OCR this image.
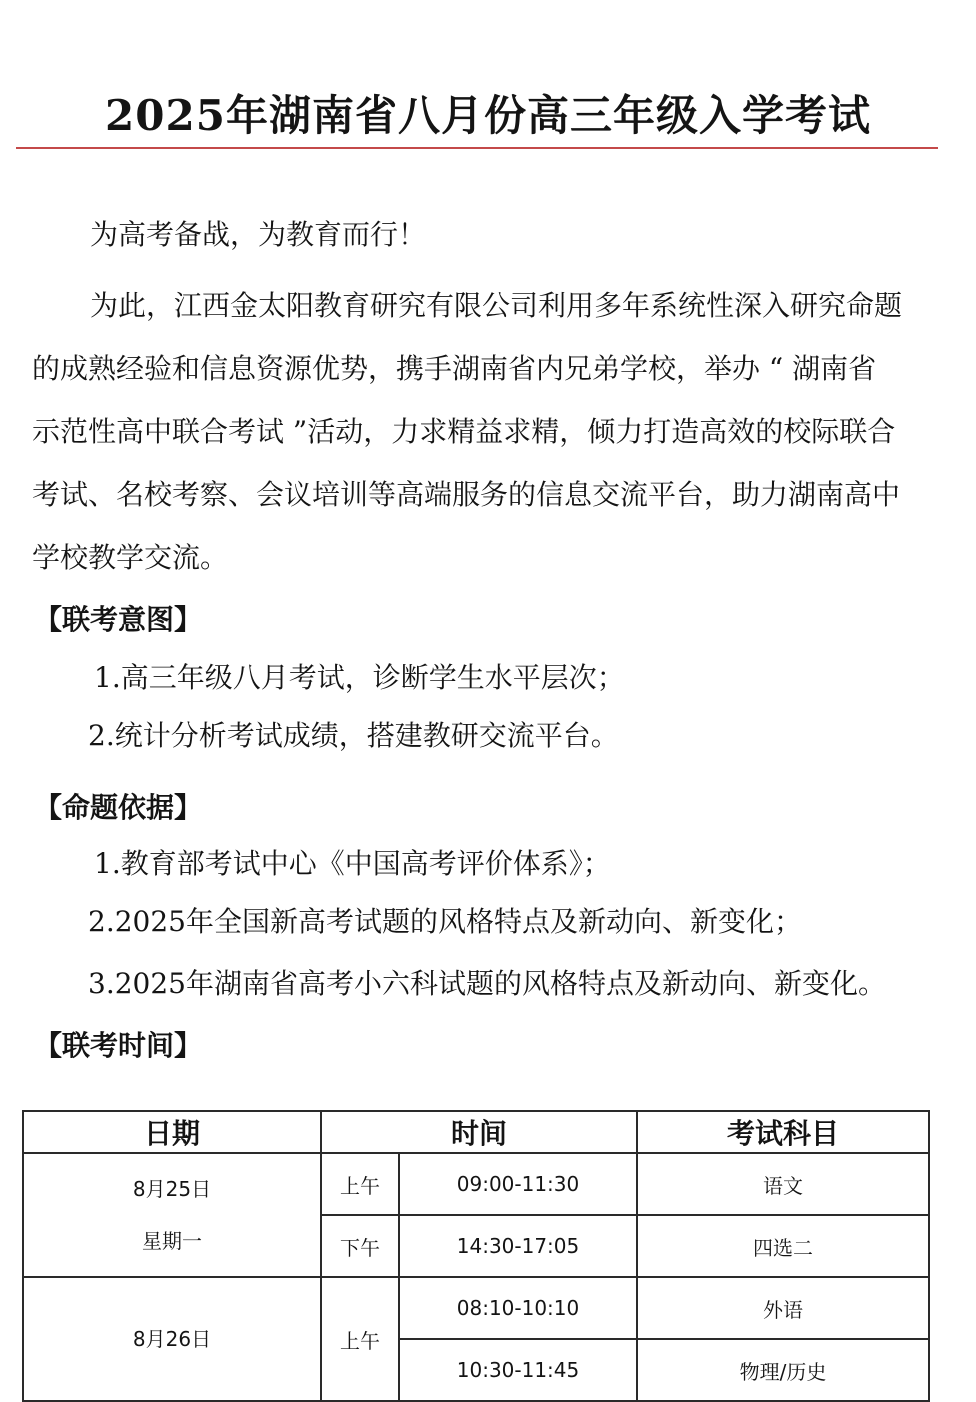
2025年湖南省八月份高三年级入学考试
为高考备战，为教育而行！
为此，江西金太阳教育研究有限公司利用多年系统性深入研究命题
的成熟经验和信息资源优势，携手湖南省内兄弟学校，举办 “ 湖南省
示范性高中联合考试 ”活动，力求精益求精，倾力打造高效的校际联合
考试、名校考察、会议培训等高端服务的信息交流平台，助力湖南高中
学校教学交流。
【联考意图】
1.高三年级八月考试，诊断学生水平层次；
2.统计分析考试成绩，搭建教研交流平台。
【命题依据】
1.教育部考试中心《中国高考评价体系》；
2.2025年全国新高考试题的风格特点及新动向、新变化；
3.2025年湖南省高考小六科试题的风格特点及新动向、新变化。
【联考时间】
日期	时间		考试科目

8月25日
星期一	上午	09:00-11:30	语文
	下午	14:30-17:05	四选二

8月26日	上午	08:10-10:10	外语
		10:30-11:45	物理/历史
